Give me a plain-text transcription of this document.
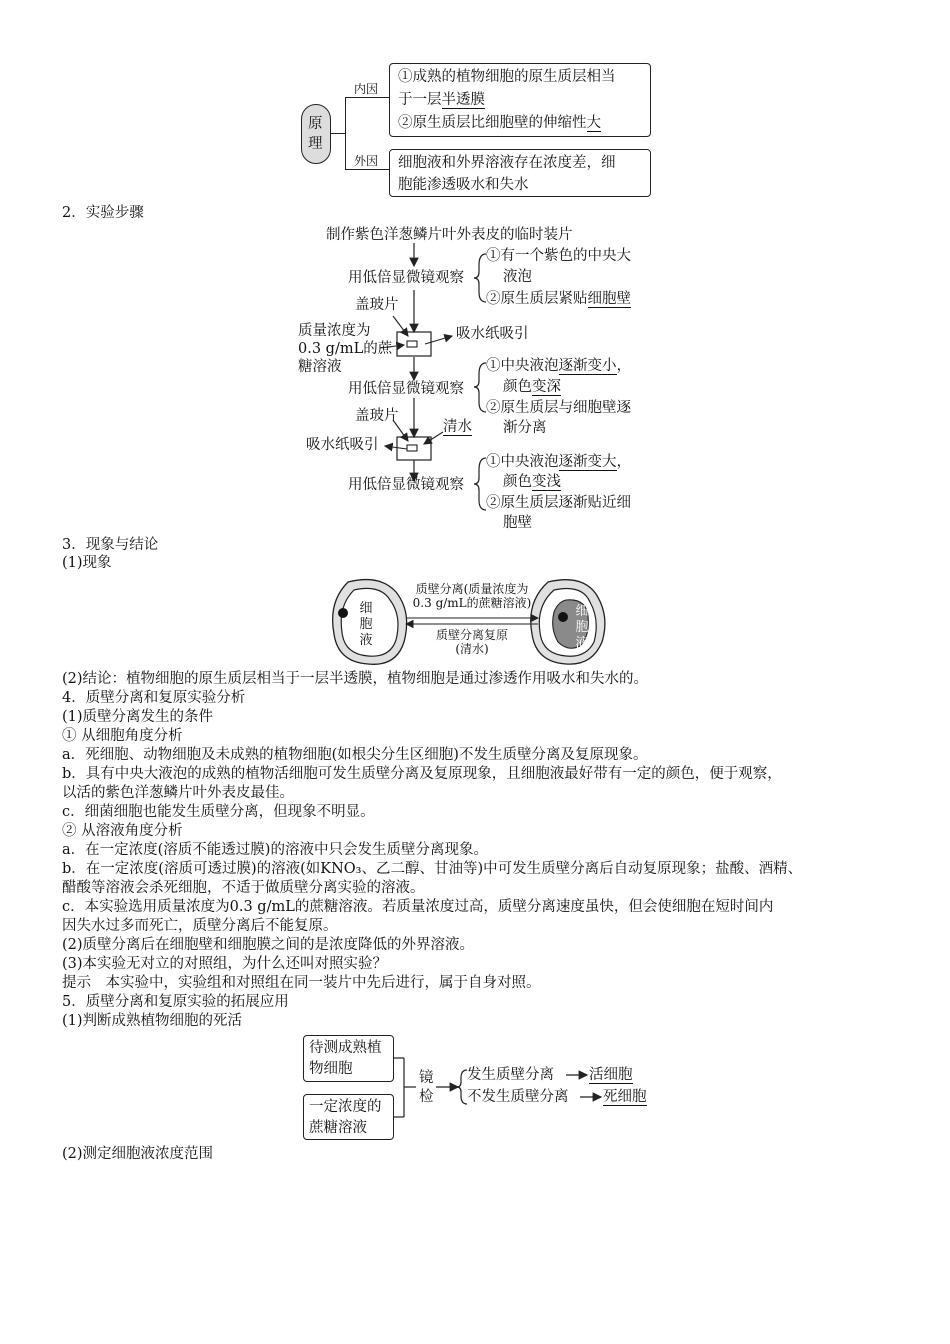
原理
内因
外因
①成熟的植物细胞的原生质层相当
于一层半透膜
②原生质层比细胞壁的伸缩性大
细胞液和外界溶液存在浓度差，细
胞能渗透吸水和失水
2．实验步骤
制作紫色洋葱鳞片叶外表皮的临时装片
用低倍显微镜观察
①有一个紫色的中央大
液泡
②原生质层紧贴细胞壁
盖玻片
质量浓度为
0.3 g/mL的蔗
糖溶液
吸水纸吸引
用低倍显微镜观察
①中央液泡逐渐变小，
颜色变深
②原生质层与细胞壁逐
渐分离
盖玻片
清水
吸水纸吸引
用低倍显微镜观察
①中央液泡逐渐变大，
颜色变浅
②原生质层逐渐贴近细
胞壁
3．现象与结论
(1)现象
细
胞
液
细
胞
液
质壁分离(质量浓度为
0.3 g/mL的蔗糖溶液)
质壁分离复原
(清水)
(2)结论：植物细胞的原生质层相当于一层半透膜，植物细胞是通过渗透作用吸水和失水的。
4．质壁分离和复原实验分析
(1)质壁分离发生的条件
① 从细胞角度分析
a．死细胞、动物细胞及未成熟的植物细胞(如根尖分生区细胞)不发生质壁分离及复原现象。
b．具有中央大液泡的成熟的植物活细胞可发生质壁分离及复原现象，且细胞液最好带有一定的颜色，便于观察，
以活的紫色洋葱鳞片叶外表皮最佳。
c．细菌细胞也能发生质壁分离，但现象不明显。
② 从溶液角度分析
a．在一定浓度(溶质不能透过膜)的溶液中只会发生质壁分离现象。
b．在一定浓度(溶质可透过膜)的溶液(如KNO₃、乙二醇、甘油等)中可发生质壁分离后自动复原现象；盐酸、酒精、
醋酸等溶液会杀死细胞，不适于做质壁分离实验的溶液。
c．本实验选用质量浓度为0.3 g/mL的蔗糖溶液。若质量浓度过高，质壁分离速度虽快，但会使细胞在短时间内
因失水过多而死亡，质壁分离后不能复原。
(2)质壁分离后在细胞壁和细胞膜之间的是浓度降低的外界溶液。
(3)本实验无对立的对照组，为什么还叫对照实验？
提示　本实验中，实验组和对照组在同一装片中先后进行，属于自身对照。
5．质壁分离和复原实验的拓展应用
(1)判断成熟植物细胞的死活
待测成熟植
物细胞
一定浓度的
蔗糖溶液
镜
检
发生质壁分离 活细胞
不发生质壁分离 死细胞
(2)测定细胞液浓度范围
